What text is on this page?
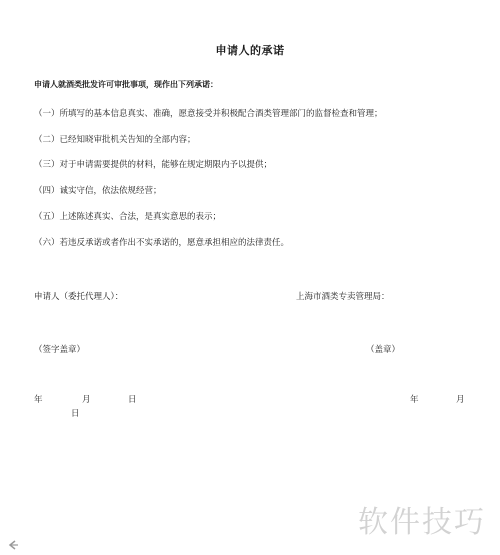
申请人的承诺
申请人就酒类批发许可审批事项，现作出下列承诺：
（一）所填写的基本信息真实、准确，愿意接受并积极配合酒类管理部门的监督检查和管理；
（二）已经知晓审批机关告知的全部内容；
（三）对于申请需要提供的材料，能够在规定期限内予以提供；
（四）诚实守信，依法依规经营；
（五）上述陈述真实、合法，是真实意思的表示；
（六）若违反承诺或者作出不实承诺的，愿意承担相应的法律责任。
申请人（委托代理人）：	上海市酒类专卖管理局：
（签字盖章）	（盖章）
年	月	日	年	月
日
软件技巧
